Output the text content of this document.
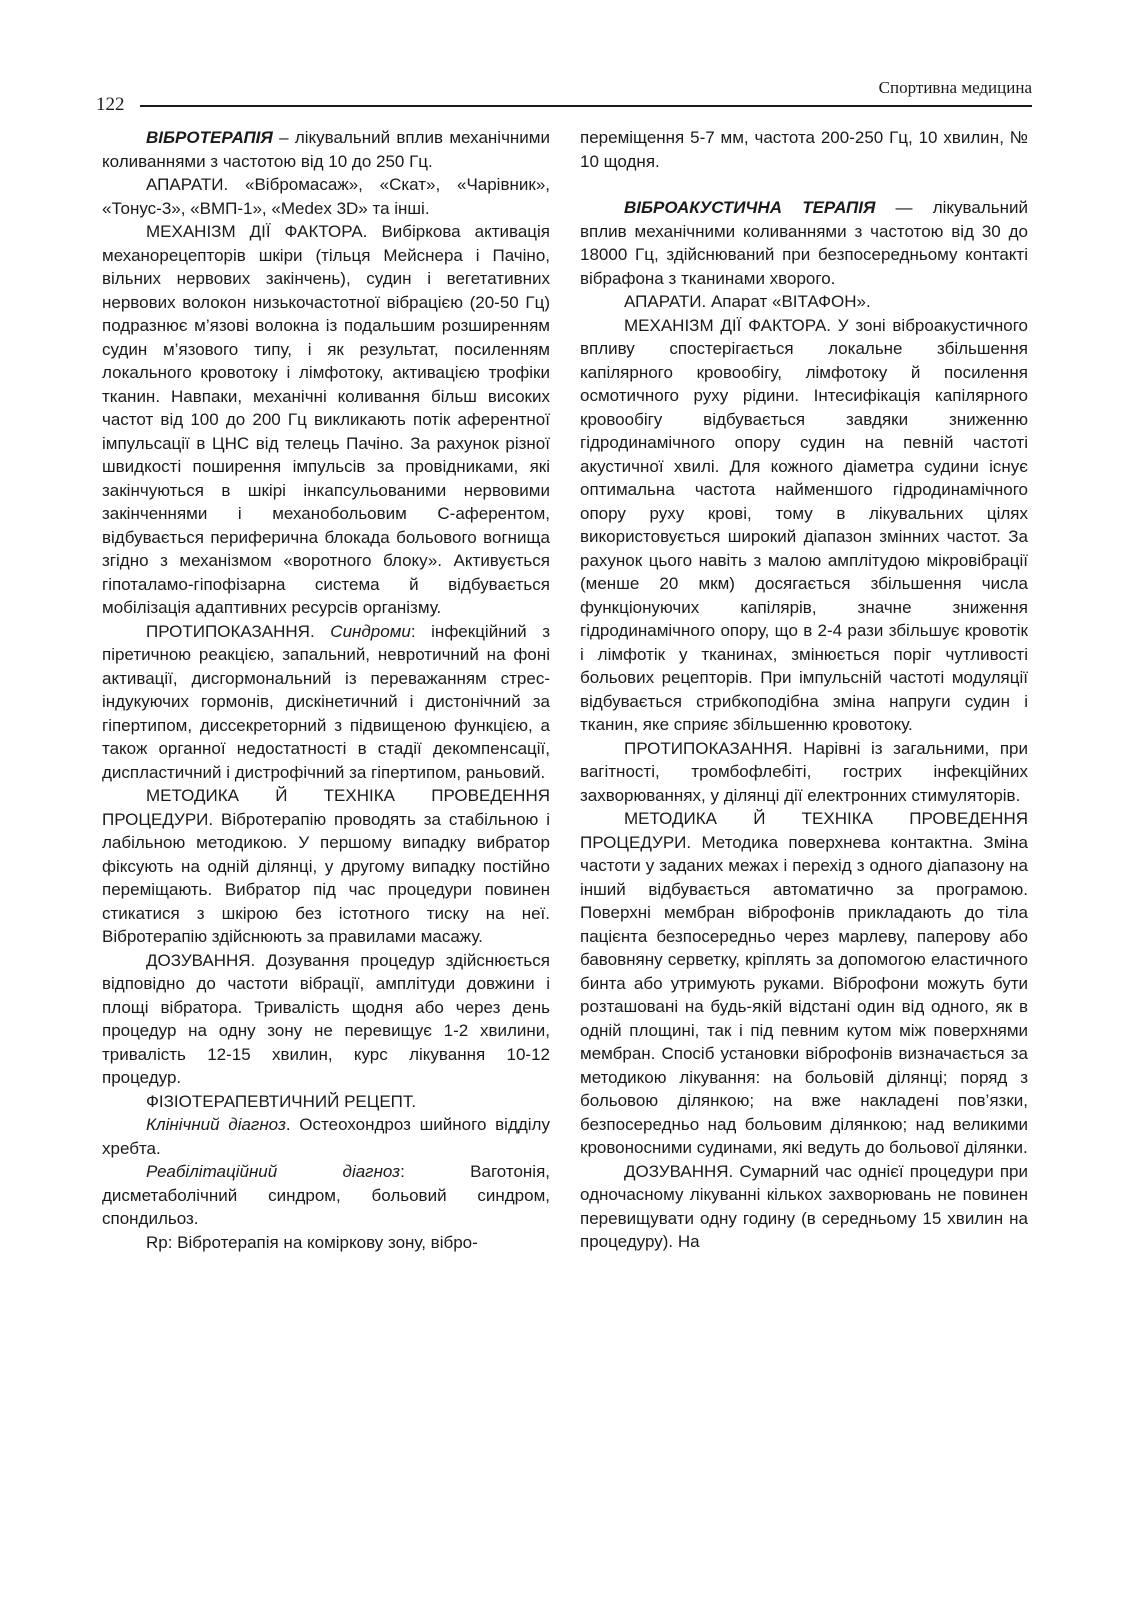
Спортивна медицина
122

ВІБРОТЕРАПІЯ – лікувальний вплив механічними коливаннями з частотою від 10 до 250 Гц.

АПАРАТИ. «Вібромасаж», «Скат», «Чарівник», «Тонус-3», «ВМП-1», «Medex 3D» та інші.

МЕХАНІЗМ ДІЇ ФАКТОРА. Вибіркова активація механорецепторів шкіри (тільця Мейснера і Пачіно, вільних нервових закінчень), судин і вегетативних нервових волокон низькочастотної вібрацією (20-50 Гц) подразнює м’язові волокна із подальшим розширенням судин м’язового типу, і як результат, посиленням локального кровотоку і лімфотоку, активацією трофіки тканин. Навпаки, механічні коливання більш високих частот від 100 до 200 Гц викликають потік аферентної імпульсації в ЦНС від телець Пачіно. За рахунок різної швидкості поширення імпульсів за провідниками, які закінчуються в шкірі інкапсульованими нервовими закінченнями і механобольовим С-аферентом, відбувається периферична блокада больового вогнища згідно з механізмом «воротного блоку». Активується гіпоталамо-гіпофізарна система й відбувається мобілізація адаптивних ресурсів організму.

ПРОТИПОКАЗАННЯ. Синдроми: інфекційний з піретичною реакцією, запальний, невротичний на фоні активації, дисгормональний із переважанням стрес-індукуючих гормонів, дискінетичний і дистонічний за гіпертипом, диссекреторний з підвищеною функцією, а також органної недостатності в стадії декомпенсації, диспластичний і дистрофічний за гіпертипом, раньовий.

МЕТОДИКА Й ТЕХНІКА ПРОВЕДЕННЯ ПРОЦЕДУРИ. Вібротерапію проводять за стабільною і лабільною методикою. У першому випадку вибратор фіксують на одній ділянці, у другому випадку постійно переміщають. Вибратор під час процедури повинен стикатися з шкірою без істотного тиску на неї. Вібротерапію здійснюють за правилами масажу.

ДОЗУВАННЯ. Дозування процедур здійснюється відповідно до частоти вібрації, амплітуди довжини і площі вібратора. Тривалість щодня або через день процедур на одну зону не перевищує 1-2 хвилини, тривалість 12-15 хвилин, курс лікування 10-12 процедур.

ФІЗІОТЕРАПЕВТИЧНИЙ РЕЦЕПТ.

Клінічний діагноз. Остеохондроз шийного відділу хребта.

Реабілітаційний діагноз: Ваготонія, дисметаболічний синдром, больовий синдром, спондильоз.

Rp: Вібротерапія на коміркову зону, вібро-

переміщення 5-7 мм, частота 200-250 Гц, 10 хвилин, № 10 щодня.

ВІБРОАКУСТИЧНА ТЕРАПІЯ — лікувальний вплив механічними коливаннями з частотою від 30 до 18000 Гц, здійснюваний при безпосередньому контакті вібрафона з тканинами хворого.

АПАРАТИ. Апарат «ВІТАФОН».

МЕХАНІЗМ ДІЇ ФАКТОРА. У зоні віброакустичного впливу спостерігається локальне збільшення капілярного кровообігу, лімфотоку й посилення осмотичного руху рідини. Інтесифікація капілярного кровообігу відбувається завдяки зниженню гідродинамічного опору судин на певній частоті акустичної хвилі. Для кожного діаметра судини існує оптимальна частота найменшого гідродинамічного опору руху крові, тому в лікувальних цілях використовується широкий діапазон змінних частот. За рахунок цього навіть з малою амплітудою мікровібрації (менше 20 мкм) досягається збільшення числа функціонуючих капілярів, значне зниження гідродинамічного опору, що в 2-4 рази збільшує кровотік і лімфотік у тканинах, змінюється поріг чутливості больових рецепторів. При імпульсній частоті модуляції відбувається стрибкоподібна зміна напруги судин і тканин, яке сприяє збільшенню кровотоку.

ПРОТИПОКАЗАННЯ. Нарівні із загальними, при вагітності, тромбофлебіті, гострих інфекційних захворюваннях, у ділянці дії електронних стимуляторів.

МЕТОДИКА Й ТЕХНІКА ПРОВЕДЕННЯ ПРОЦЕДУРИ. Методика поверхнева контактна. Зміна частоти у заданих межах і перехід з одного діапазону на інший відбувається автоматично за програмою. Поверхні мембран віброфонів прикладають до тіла пацієнта безпосередньо через марлеву, паперову або бавовняну серветку, кріплять за допомогою еластичного бинта або утримують руками. Віброфони можуть бути розташовані на будь-якій відстані один від одного, як в одній площині, так і під певним кутом між поверхнями мембран. Спосіб установки віброфонів визначається за методикою лікування: на больовій ділянці; поряд з больовою ділянкою; на вже накладені пов’язки, безпосередньо над больовим ділянкою; над великими кровоносними судинами, які ведуть до больової ділянки.

ДОЗУВАННЯ. Сумарний час однієї процедури при одночасному лікуванні кількох захворювань не повинен перевищувати одну годину (в середньому 15 хвилин на процедуру). На
